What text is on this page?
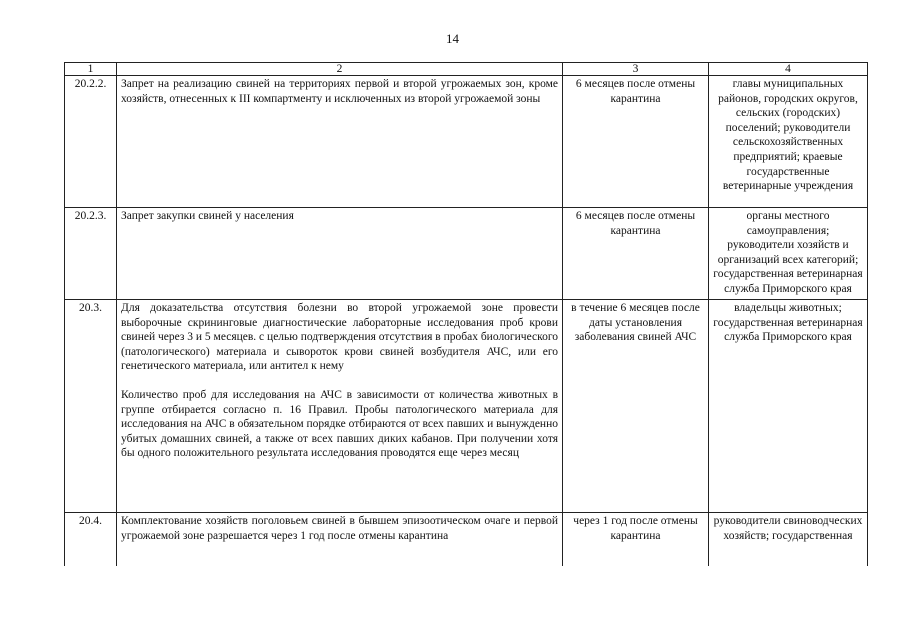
14
1	2	3	4
20.2.2.	Запрет на реализацию свиней на территориях первой и второй угрожаемых зон, кроме хозяйств, отнесенных к III компартменту и исключенных из второй угрожаемой зоны	6 месяцев после отмены карантина	главы муниципальных районов, городских округов, сельских (городских) поселений; руководители сельскохозяйственных предприятий; краевые государственные ветеринарные учреждения
20.2.3.	Запрет закупки свиней у населения	6 месяцев после отмены карантина	органы местного самоуправления; руководители хозяйств и организаций всех категорий; государственная ветеринарная служба Приморского края
20.3.	Для доказательства отсутствия болезни во второй угрожаемой зоне провести выборочные скрининговые диагностические лабораторные исследования проб крови свиней через 3 и 5 месяцев. с целью подтверждения отсутствия в пробах биологического (патологического) материала и сывороток крови свиней возбудителя АЧС, или его генетического материала, или антител к нему
Количество проб для исследования на АЧС в зависимости от количества животных в группе отбирается согласно п. 16 Правил. Пробы патологического материала для исследования на АЧС в обязательном порядке отбираются от всех павших и вынужденно убитых домашних свиней, а также от всех павших диких кабанов. При получении хотя бы одного положительного результата исследования проводятся еще через месяц	в течение 6 месяцев после даты установления заболевания свиней АЧС	владельцы животных; государственная ветеринарная служба Приморского края
20.4.	Комплектование хозяйств поголовьем свиней в бывшем эпизоотическом очаге и первой угрожаемой зоне разрешается через 1 год после отмены карантина	через 1 год после отмены карантина	руководители свиноводческих хозяйств; государственная
